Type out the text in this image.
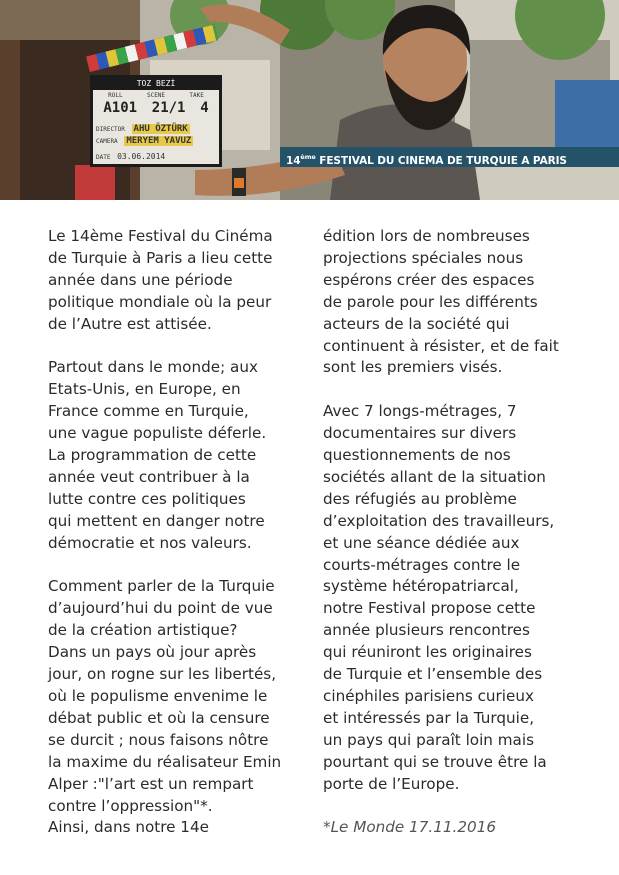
TOZ BEZİ
ROLL	SCENE	TAKE
A101 21/1 4
DIRECTOR AHU ÖZTÜRK
CAMERA MERYEM YAVUZ
DATE 03.06.2014	14ème FESTIVAL DU CINEMA DE TURQUIE A PARIS

Le 14ème Festival du Cinéma
de Turquie à Paris a lieu cette
année dans une période
politique mondiale où la peur
de l’Autre est attisée.

Partout dans le monde; aux
Etats-Unis, en Europe, en
France comme en Turquie,
une vague populiste déferle.
La programmation de cette
année veut contribuer à la
lutte contre ces politiques
qui mettent en danger notre
démocratie et nos valeurs.

Comment parler de la Turquie
d’aujourd’hui du point de vue
de la création artistique?
Dans un pays où jour après
jour, on rogne sur les libertés,
où le populisme envenime le
débat public et où la censure
se durcit ; nous faisons nôtre
la maxime du réalisateur Emin
Alper :"l’art est un rempart
contre l’oppression"*.
Ainsi, dans notre 14e

édition lors de nombreuses
projections spéciales nous
espérons créer des espaces
de parole pour les différents
acteurs de la société qui
continuent à résister, et de fait
sont les premiers visés.

Avec 7 longs-métrages, 7
documentaires sur divers
questionnements de nos
sociétés allant de la situation
des réfugiés au problème
d’exploitation des travailleurs,
et une séance dédiée aux
courts-métrages contre le
système hétéropatriarcal,
notre Festival propose cette
année plusieurs rencontres
qui réuniront les originaires
de Turquie et l’ensemble des
cinéphiles parisiens curieux
et intéressés par la Turquie,
un pays qui paraît loin mais
pourtant qui se trouve être la
porte de l’Europe.

*Le Monde 17.11.2016
